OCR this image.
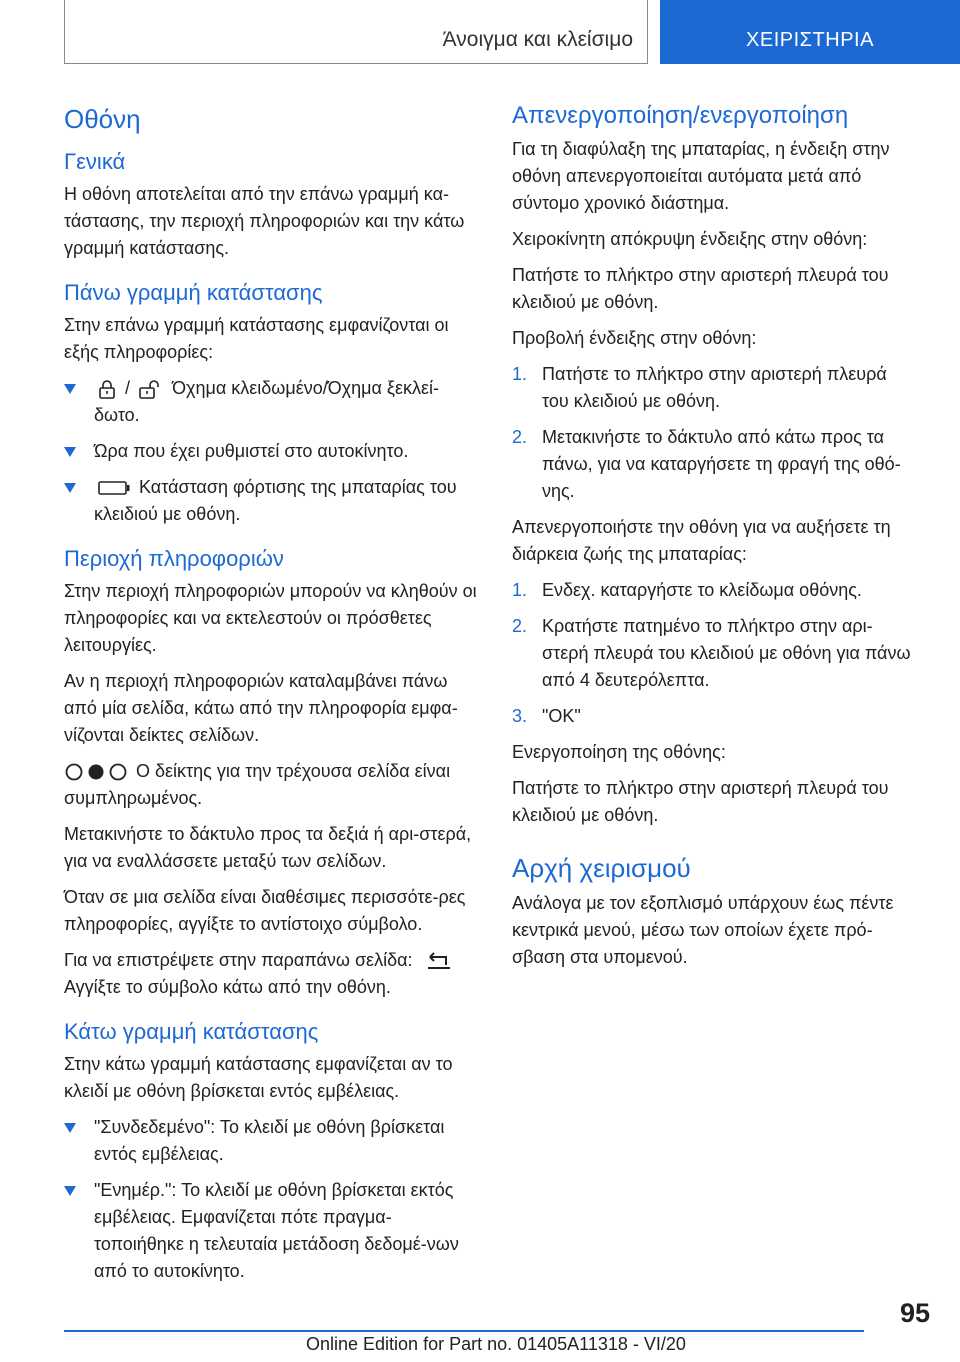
Άνοιγμα και κλείσιμο	ΧΕΙΡΙΣΤΗΡΙΑ
Οθόνη
Γενικά

Η οθόνη αποτελείται από την επάνω γραμμή κα-τάστασης, την περιοχή πληροφοριών και την κάτω γραμμή κατάστασης.

Πάνω γραμμή κατάστασης

Στην επάνω γραμμή κατάστασης εμφανίζονται οι εξής πληροφορίες:

/ Όχημα κλειδωμένο/Όχημα ξεκλεί-δωτο.
Ώρα που έχει ρυθμιστεί στο αυτοκίνητο.
Κατάσταση φόρτισης της μπαταρίας του κλειδιού με οθόνη.
Περιοχή πληροφοριών

Στην περιοχή πληροφοριών μπορούν να κληθούν οι πληροφορίες και να εκτελεστούν οι πρόσθετες λειτουργίες.

Αν η περιοχή πληροφοριών καταλαμβάνει πάνω από μία σελίδα, κάτω από την πληροφορία εμφα-νίζονται δείκτες σελίδων.

Ο δείκτης για την τρέχουσα σελίδα είναι συμπληρωμένος.

Μετακινήστε το δάκτυλο προς τα δεξιά ή αρι-στερά, για να εναλλάσσετε μεταξύ των σελίδων.

Όταν σε μια σελίδα είναι διαθέσιμες περισσότε-ρες πληροφορίες, αγγίξτε το αντίστοιχο σύμβολο.

Για να επιστρέψετε στην παραπάνω σελίδα:
Αγγίξτε το σύμβολο κάτω από την οθόνη.

Κάτω γραμμή κατάστασης

Στην κάτω γραμμή κατάστασης εμφανίζεται αν το κλειδί με οθόνη βρίσκεται εντός εμβέλειας.

"Συνδεδεμένο": Το κλειδί με οθόνη βρίσκεται εντός εμβέλειας.
"Ενημέρ.": Το κλειδί με οθόνη βρίσκεται εκτός εμβέλειας. Εμφανίζεται πότε πραγμα-τοποιήθηκε η τελευταία μετάδοση δεδομέ-νων από το αυτοκίνητο.
Απενεργοποίηση/ενεργοποίηση

Για τη διαφύλαξη της μπαταρίας, η ένδειξη στην οθόνη απενεργοποιείται αυτόματα μετά από σύντομο χρονικό διάστημα.

Χειροκίνητη απόκρυψη ένδειξης στην οθόνη:

Πατήστε το πλήκτρο στην αριστερή πλευρά του κλειδιού με οθόνη.

Προβολή ένδειξης στην οθόνη:

1. Πατήστε το πλήκτρο στην αριστερή πλευρά του κλειδιού με οθόνη.
2. Μετακινήστε το δάκτυλο από κάτω προς τα πάνω, για να καταργήσετε τη φραγή της οθό-νης.

Απενεργοποιήστε την οθόνη για να αυξήσετε τη διάρκεια ζωής της μπαταρίας:

1. Ενδεχ. καταργήστε το κλείδωμα οθόνης.
2. Κρατήστε πατημένο το πλήκτρο στην αρι-στερή πλευρά του κλειδιού με οθόνη για πάνω από 4 δευτερόλεπτα.
3. "OK"

Ενεργοποίηση της οθόνης:

Πατήστε το πλήκτρο στην αριστερή πλευρά του κλειδιού με οθόνη.

Αρχή χειρισμού

Ανάλογα με τον εξοπλισμό υπάρχουν έως πέντε κεντρικά μενού, μέσω των οποίων έχετε πρό-σβαση στα υπομενού.

95
Online Edition for Part no. 01405A11318 - VI/20
